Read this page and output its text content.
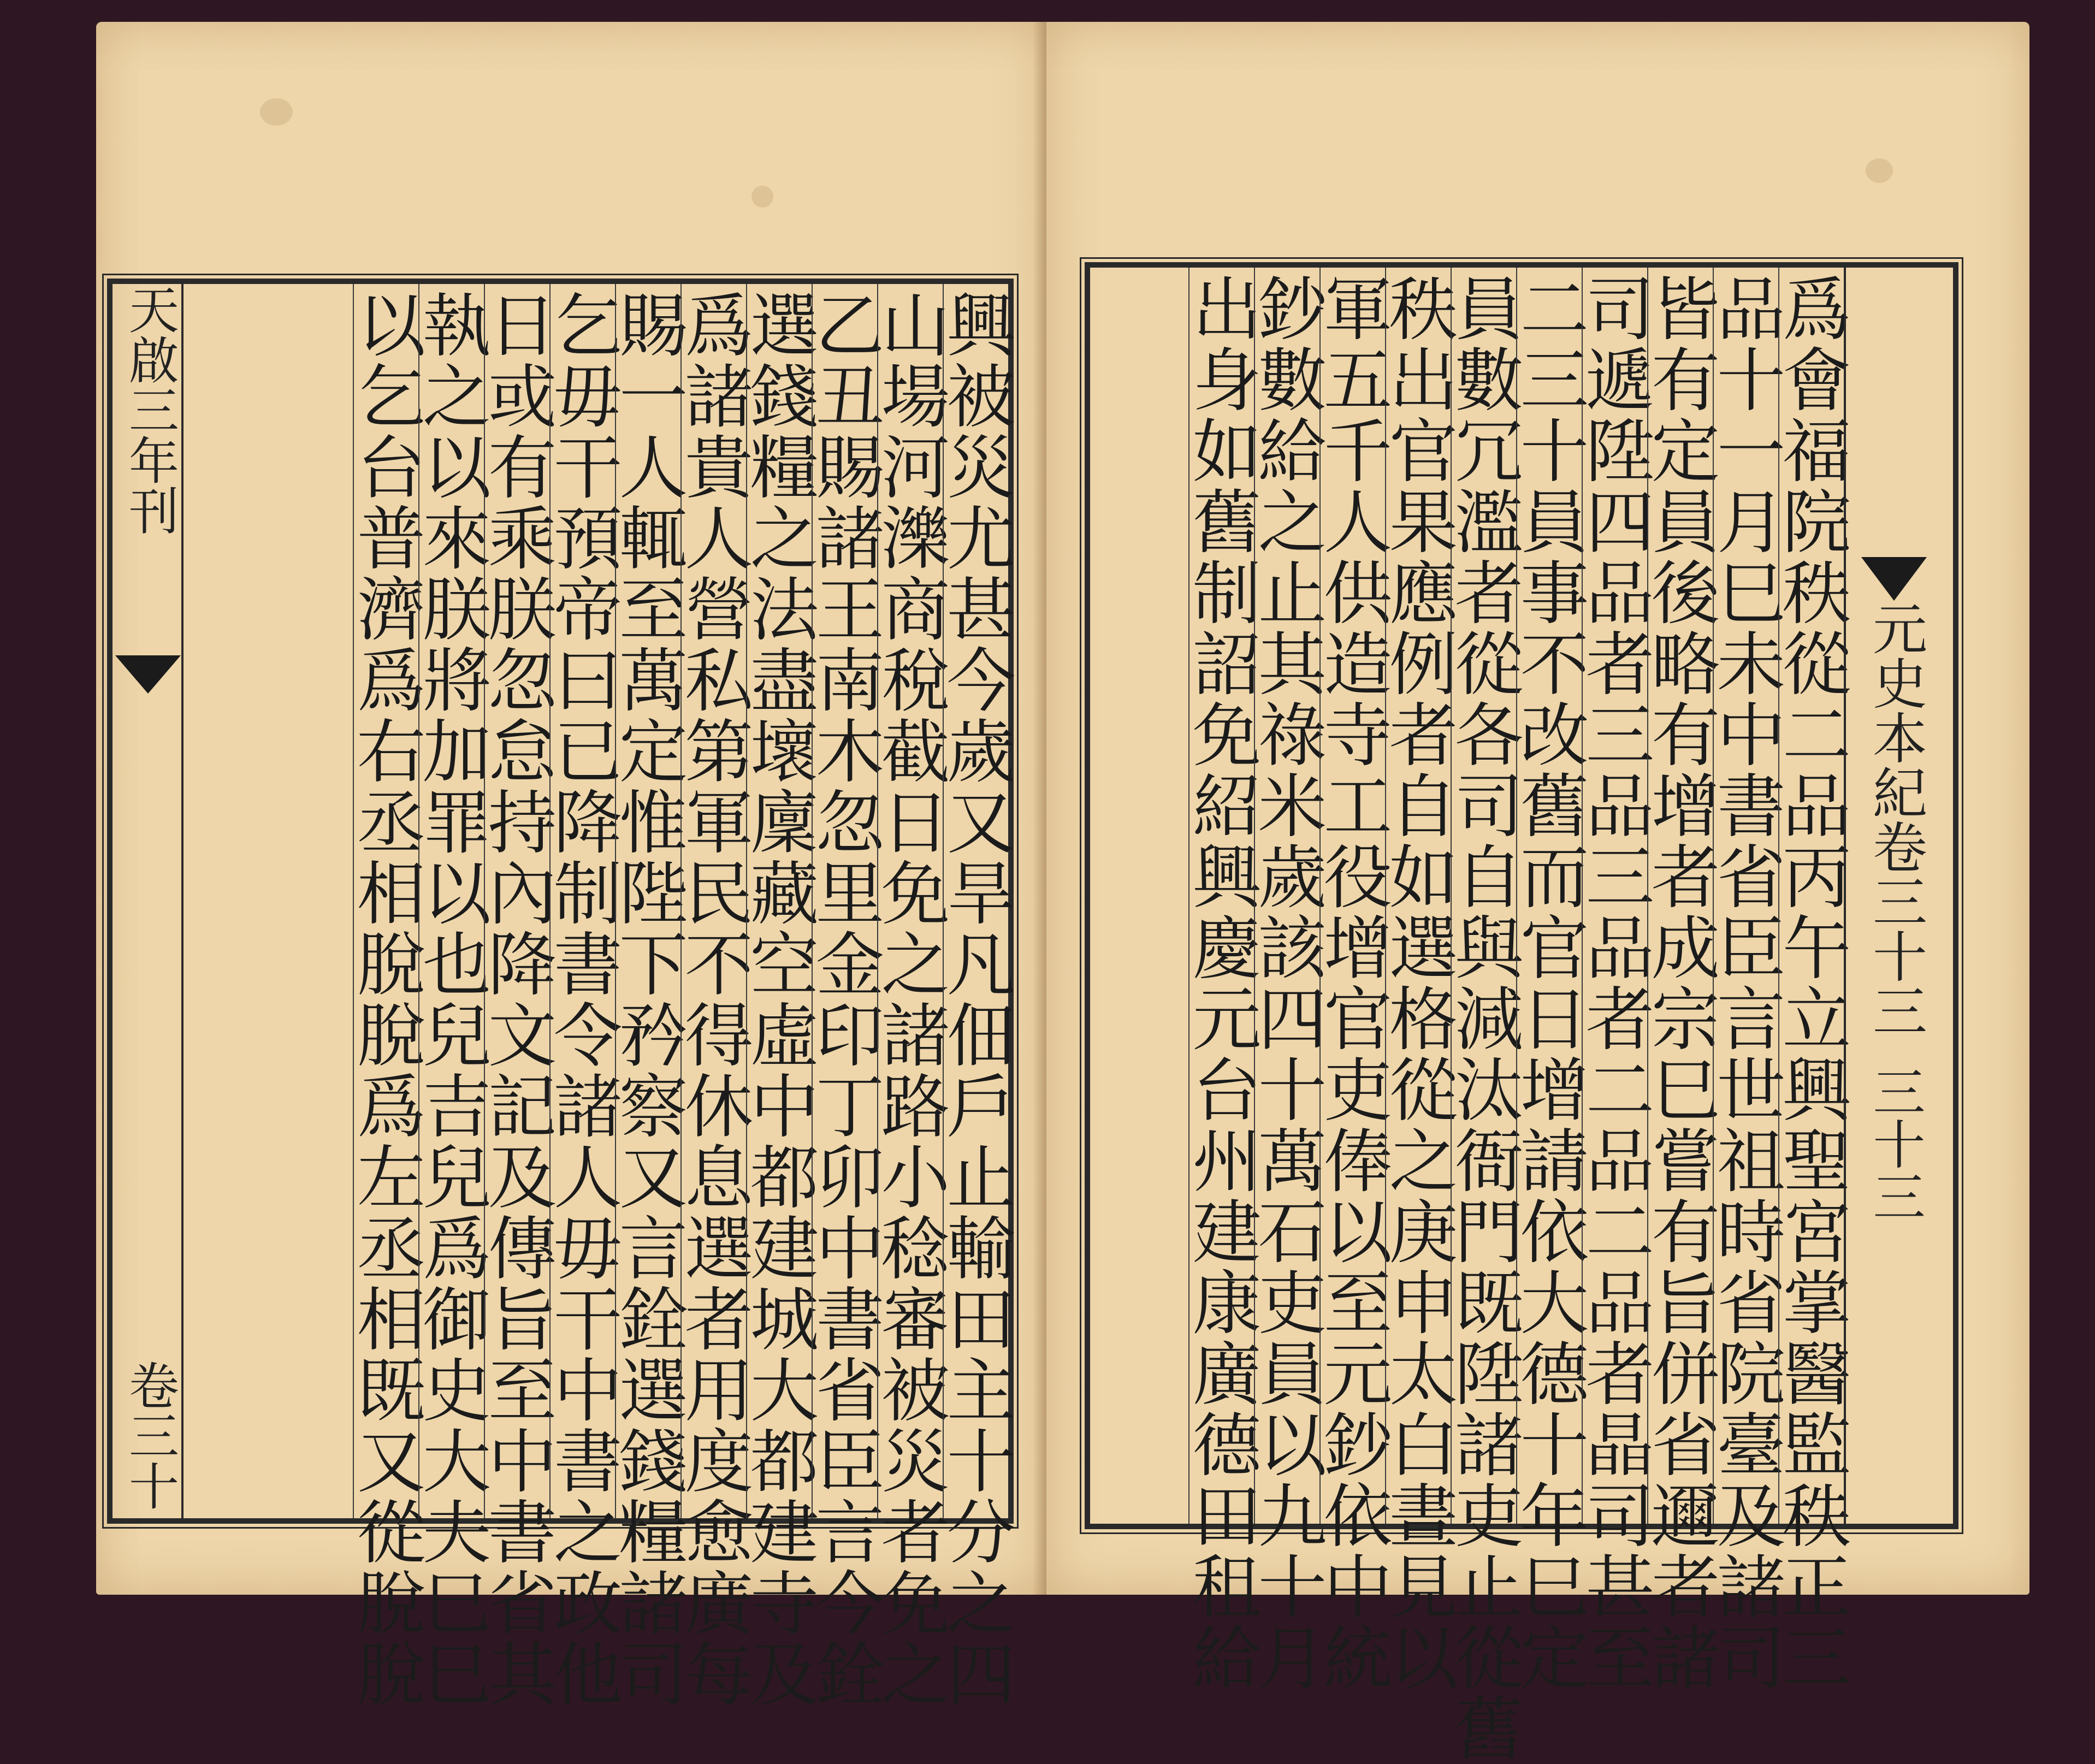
天啟三年刊
卷三十	興被災尤甚今歲又旱凡佃戶止輸田主十分之四
山場河濼商稅截日免之諸路小稔審被災者免之
乙丑賜諸王南木忽里金印丁卯中書省臣言今銓
選錢糧之法盡壞廩藏空虛中都建城大都建寺及
爲諸貴人營私第軍民不得休息選者用度愈廣每
賜一人輒至萬定惟陛下矜察又言銓選錢糧諸司
乞毋干預帝曰已降制書令諸人毋干中書之政他
日或有乘朕忽怠持內降文記及傳旨至中書省其
執之以來朕將加罪以也兒吉兒爲御史大夫巳巳
以乞台普濟爲右丞相脫脫爲左丞相既又從脫脫	爲會福院秩從二品丙午立興聖宮掌醫監秩正三
品十一月巳未中書省臣言世祖時省院臺及諸司
皆有定員後略有增者成宗巳嘗有旨併省邇者諸
司遞陞四品者三品三品者二品二品者晶司甚至
二三十員事不改舊而官日增請依大德十年巳定
員數冗濫者從各司自與減汰衙門既陞諸吏止從舊
秩出官果應例者自如選格從之庚申太白晝見以
軍五千人供造寺工役增官吏俸以至元鈔依中統
鈔數給之止其祿米歲該四十萬石吏員以九十月
出身如舊制詔免紹興慶元台州建康廣德田租給	元史本紀卷三十三
三十三
